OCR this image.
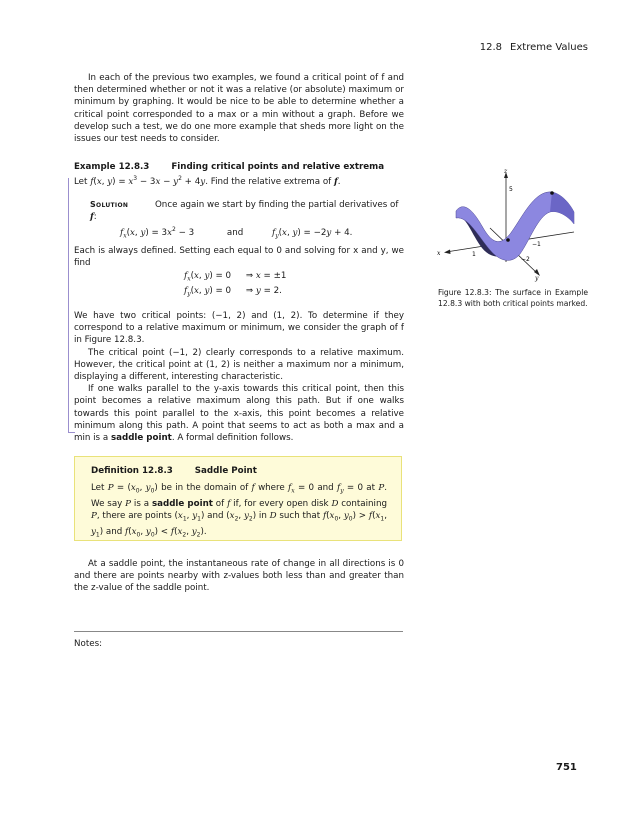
12.8 Extreme Values

In each of the previous two examples, we found a critical point of f and then determined whether or not it was a relative (or absolute) maximum or minimum by graphing. It would be nice to be able to determine whether a critical point corresponded to a max or a min without a graph. Before we develop such a test, we do one more example that sheds more light on the issues our test needs to consider.

Example 12.8.3	Finding critical points and relative extrema

Let f(x, $y) = x^3 - 3x - y^2 + 4y$. Find the relative extrema of f.

Solution	Once again we start by finding the partial derivatives of f:
$f_x(x$, $y) = 3x^2 - 3$	and	$f_y(x$, y) = −2y + 4.

Each is always defined. Setting each equal to 0 and solving for x and y, we find

$f_x(x$, y) = 0 ⇒ x = ±1
$f_y(x$, y) = 0 ⇒ y = 2.

We have two critical points: (−1, 2) and (1, 2). To determine if they correspond to a relative maximum or minimum, we consider the graph of f in Figure 12.8.3.

The critical point (−1, 2) clearly corresponds to a relative maximum. However, the critical point at (1, 2) is neither a maximum nor a minimum, displaying a different, interesting characteristic.

If one walks parallel to the y-axis towards this critical point, then this point becomes a relative maximum along this path. But if one walks towards this point parallel to the x-axis, this point becomes a relative minimum along this path. A point that seems to act as both a max and a min is a saddle point. A formal definition follows.

Definition 12.8.3	Saddle Point

Let $P = (x_0$, $y_0$) be in the domain of f where $f_x = 0$ and $f_y = 0$ at P. We say P is a saddle point of f if, for every open disk D containing P, there are points ($x_1$, $y_1$) and ($x_2$, $y_2$) in D such that $f(x_0$, $y_0) > f(x_1$, $y_1$) and $f(x_0$, $y_0) < f(x_2$, $y_2$).

At a saddle point, the instantaneous rate of change in all directions is 0 and there are points nearby with z-values both less than and greater than the z-value of the saddle point.

Notes:
z
5
x	1
−1
−2
y
Figure 12.8.3: The surface in Example 12.8.3 with both critical points marked.
751
